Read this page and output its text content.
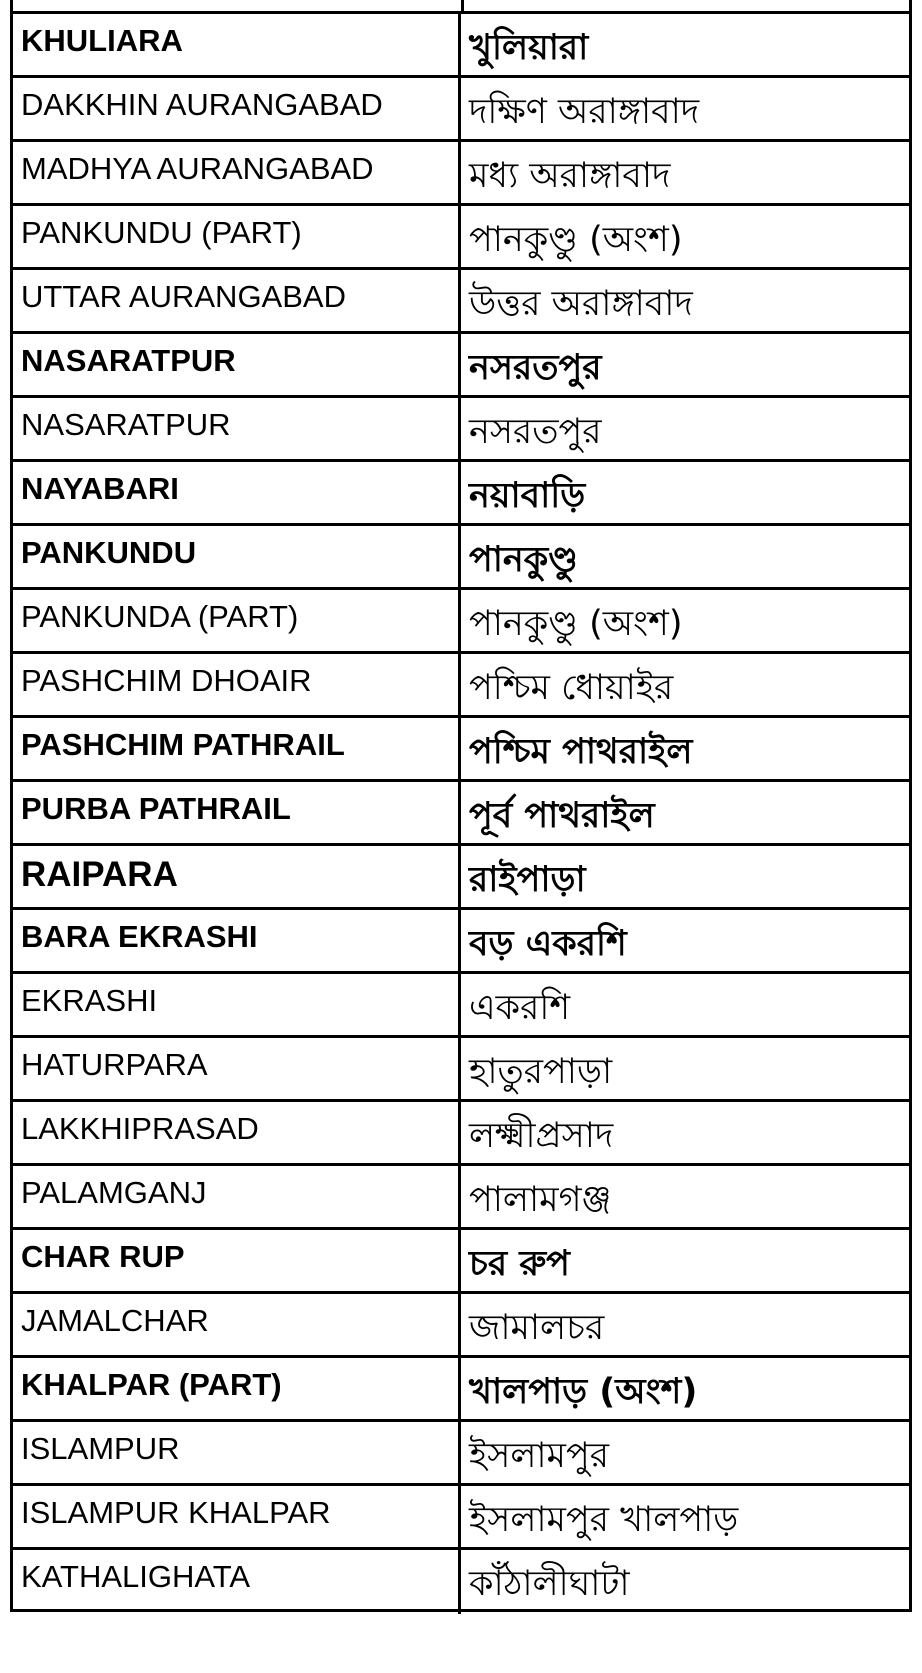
KHULIARA	খুলিয়ারা
DAKKHIN AURANGABAD	দক্ষিণ অরাঙ্গাবাদ
MADHYA AURANGABAD	মধ্য অরাঙ্গাবাদ
PANKUNDU (PART)	পানকুণ্ডু (অংশ)
UTTAR AURANGABAD	উত্তর অরাঙ্গাবাদ
NASARATPUR	নসরতপুর
NASARATPUR	নসরতপুর
NAYABARI	নয়াবাড়ি
PANKUNDU	পানকুণ্ডু
PANKUNDA (PART)	পানকুণ্ডু (অংশ)
PASHCHIM DHOAIR	পশ্চিম ধোয়াইর
PASHCHIM PATHRAIL	পশ্চিম পাথরাইল
PURBA PATHRAIL	পূর্ব পাথরাইল
RAIPARA	রাইপাড়া
BARA EKRASHI	বড় একরশি
EKRASHI	একরশি
HATURPARA	হাতুরপাড়া
LAKKHIPRASAD	লক্ষ্মীপ্রসাদ
PALAMGANJ	পালামগঞ্জ
CHAR RUP	চর রুপ
JAMALCHAR	জামালচর
KHALPAR (PART)	খালপাড় (অংশ)
ISLAMPUR	ইসলামপুর
ISLAMPUR KHALPAR	ইসলামপুর খালপাড়
KATHALIGHATA	কাঁঠালীঘাটা
